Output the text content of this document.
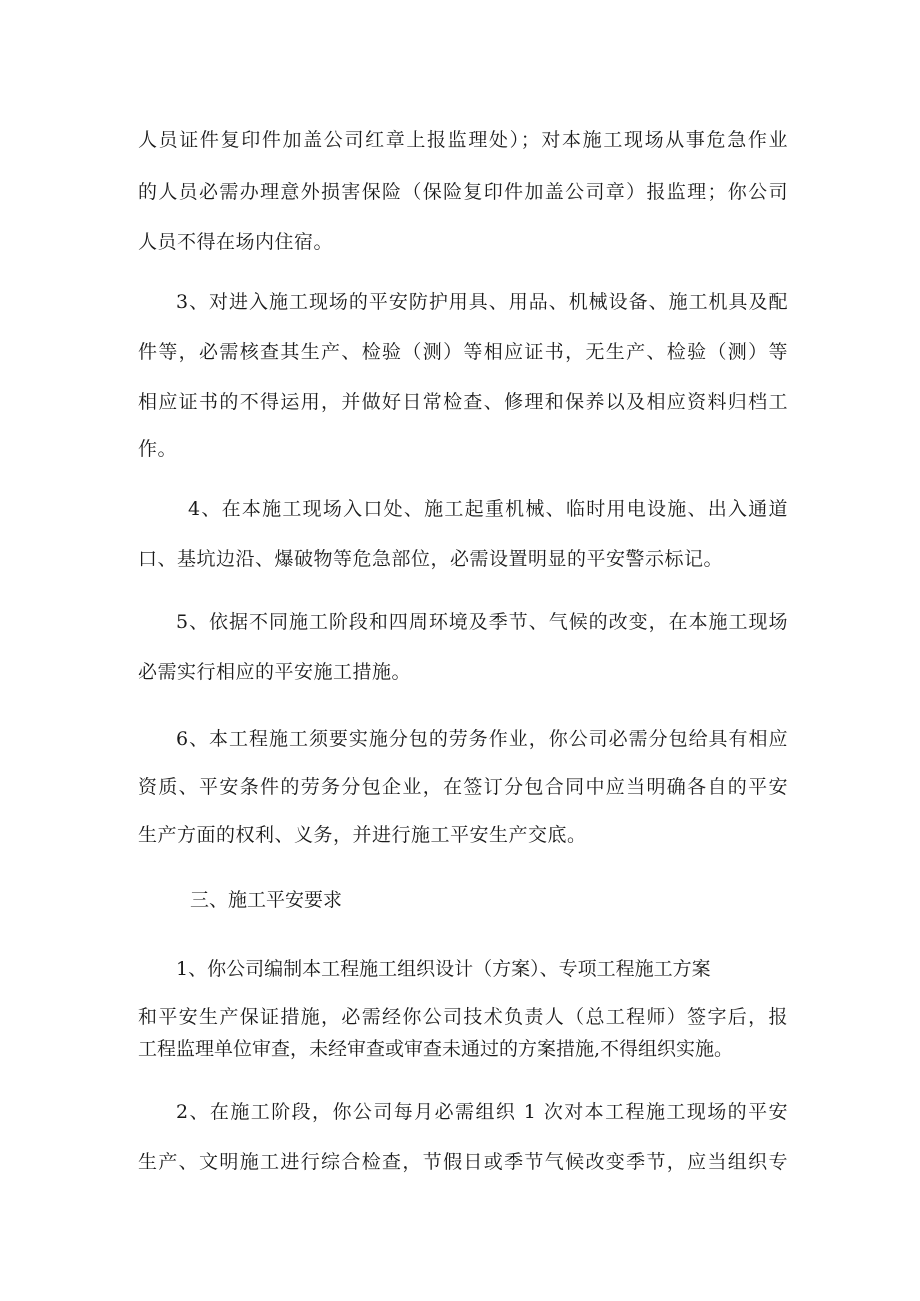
人员证件复印件加盖公司红章上报监理处）；对本施工现场从事危急作业
的人员必需办理意外损害保险（保险复印件加盖公司章）报监理；你公司
人员不得在场内住宿。
3、对进入施工现场的平安防护用具、用品、机械设备、施工机具及配
件等，必需核查其生产、检验（测）等相应证书，无生产、检验（测）等
相应证书的不得运用，并做好日常检查、修理和保养以及相应资料归档工
作。
4、在本施工现场入口处、施工起重机械、临时用电设施、出入通道
口、基坑边沿、爆破物等危急部位，必需设置明显的平安警示标记。
5、依据不同施工阶段和四周环境及季节、气候的改变，在本施工现场
必需实行相应的平安施工措施。
6、本工程施工须要实施分包的劳务作业，你公司必需分包给具有相应
资质、平安条件的劳务分包企业，在签订分包合同中应当明确各自的平安
生产方面的权利、义务，并进行施工平安生产交底。
三、施工平安要求
1、你公司编制本工程施工组织设计（方案）、专项工程施工方案
和平安生产保证措施，必需经你公司技术负责人（总工程师）签字后，报
工程监理单位审查，未经审查或审查未通过的方案措施,不得组织实施。
2、在施工阶段，你公司每月必需组织 1 次对本工程施工现场的平安
生产、文明施工进行综合检查，节假日或季节气候改变季节，应当组织专
